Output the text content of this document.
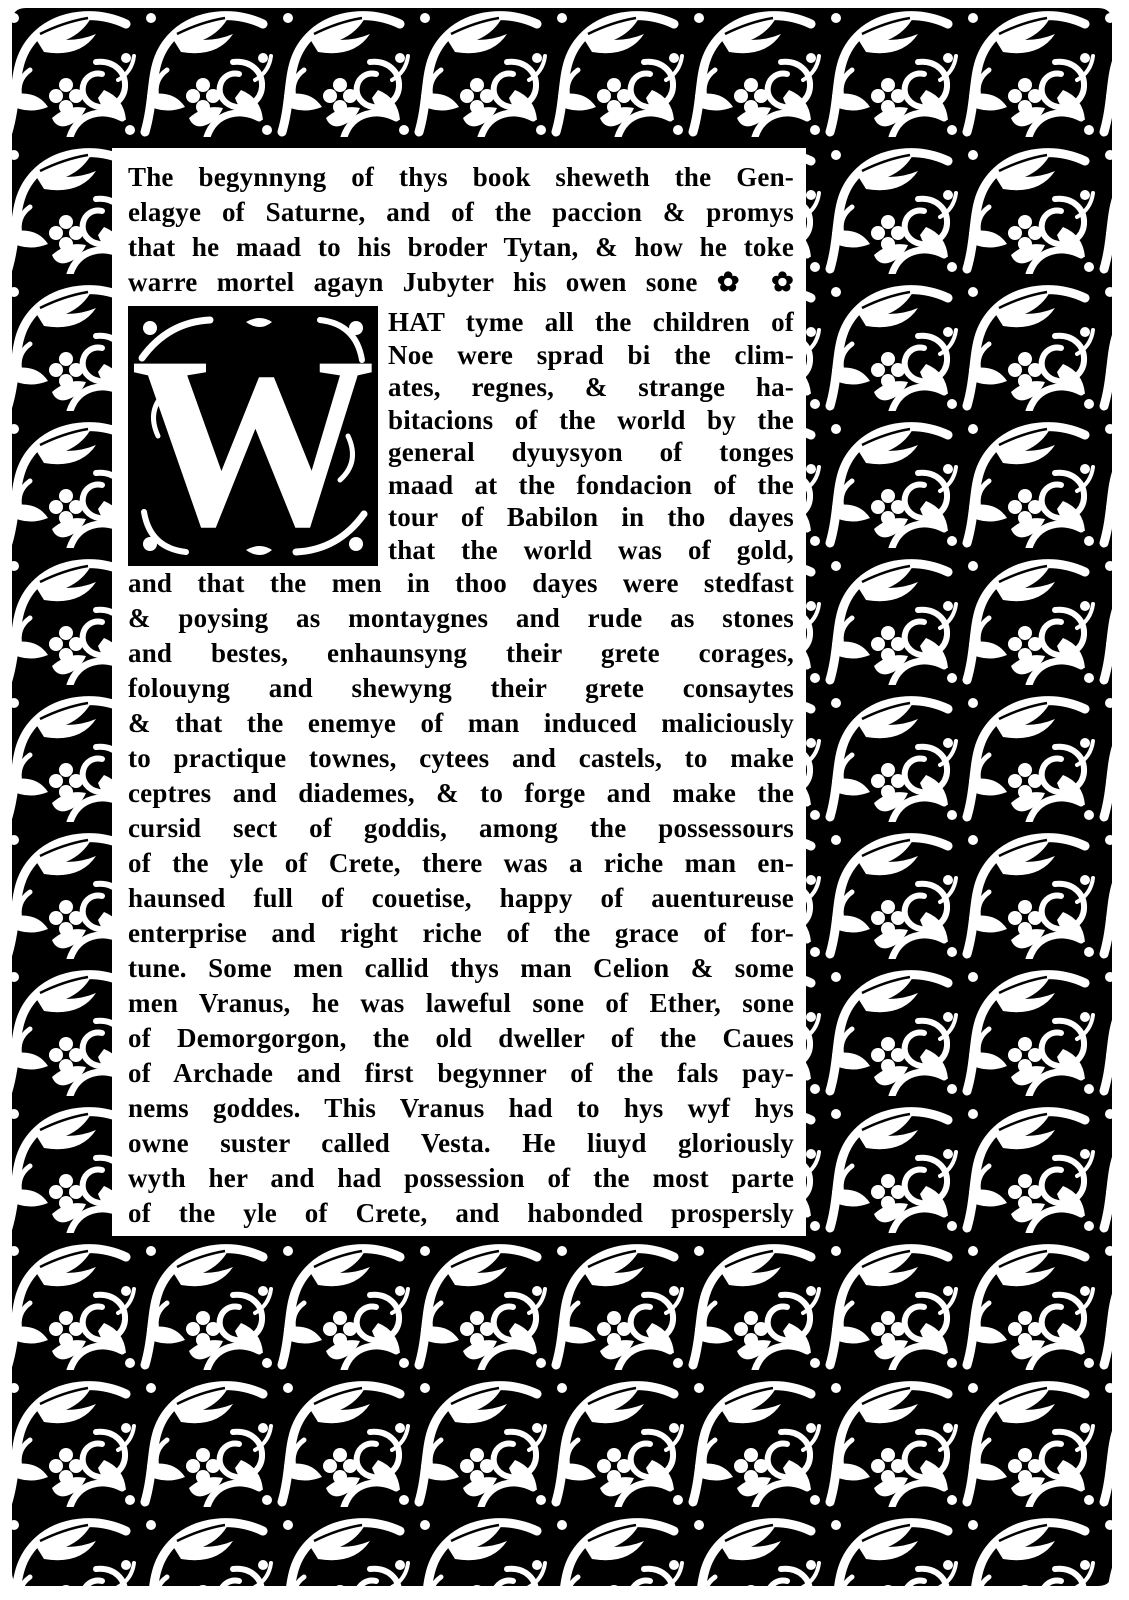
The begynnyng of thys book sheweth the Gen-
elagye of Saturne, and of the paccion & promys
that he maad to his broder Tytan, & how he toke
warre mortel agayn Jubyter his owen sone ✿ ✿
W HAT tyme all the children of
Noe were sprad bi the clim-
ates, regnes, & strange ha-
bitacions of the world by the
general dyuysyon of tonges
maad at the fondacion of the
tour of Babilon in tho dayes
that the world was of gold,
and that the men in thoo dayes were stedfast
& poysing as montaygnes and rude as stones
and bestes, enhaunsyng their grete corages,
folouyng and shewyng their grete consaytes
& that the enemye of man induced maliciously
to practique townes, cytees and castels, to make
ceptres and diademes, & to forge and make the
cursid sect of goddis, among the possessours
of the yle of Crete, there was a riche man en-
haunsed full of couetise, happy of auentureuse
enterprise and right riche of the grace of for-
tune. Some men callid thys man Celion & some
men Vranus, he was laweful sone of Ether, sone
of Demorgorgon, the old dweller of the Caues
of Archade and first begynner of the fals pay-
nems goddes. This Vranus had to hys wyf hys
owne suster called Vesta. He liuyd gloriously
wyth her and had possession of the most parte
of the yle of Crete, and habonded prospersly
